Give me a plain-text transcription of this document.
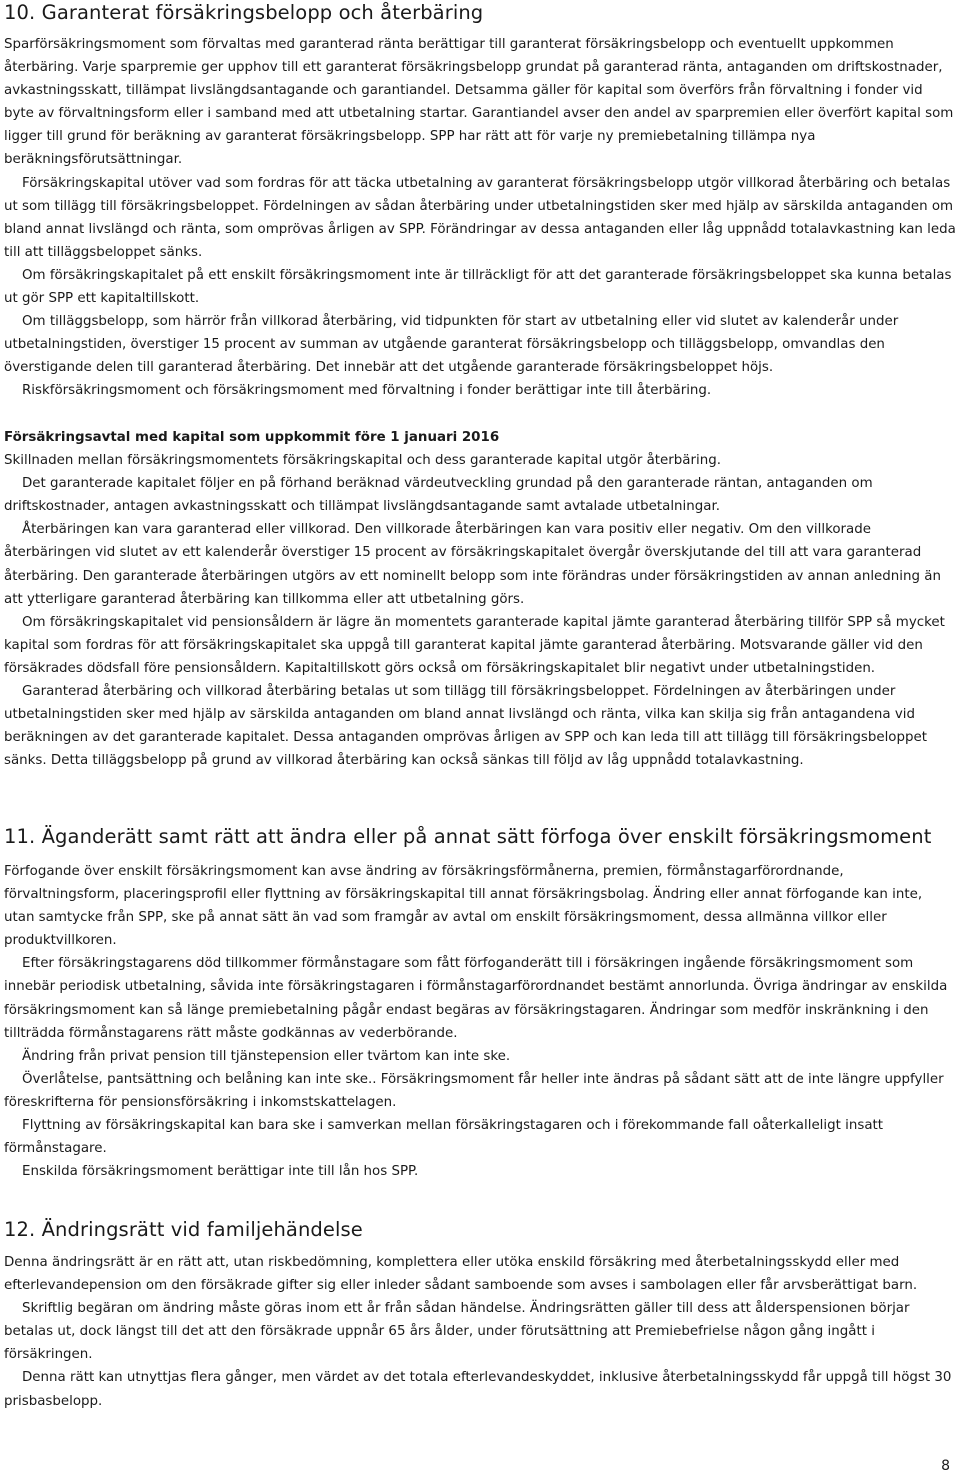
10. Garanterat försäkringsbelopp och återbäring

Sparförsäkringsmoment som förvaltas med garanterad ränta berättigar till garanterat försäkringsbelopp och eventuellt uppkommen återbäring. Varje sparpremie ger upphov till ett garanterat försäkringsbelopp grundat på garanterad ränta, antaganden om driftskostnader, avkastningsskatt, tillämpat livslängdsantagande och garantiandel. Detsamma gäller för kapital som överförs från förvaltning i fonder vid byte av förvaltningsform eller i samband med att utbetalning startar. Garantiandel avser den andel av sparpremien eller överfört kapital som ligger till grund för beräkning av garanterat försäkringsbelopp. SPP har rätt att för varje ny premiebetalning tillämpa nya beräkningsförutsättningar.

Försäkringskapital utöver vad som fordras för att täcka utbetalning av garanterat försäkringsbelopp utgör villkorad återbäring och betalas ut som tillägg till försäkringsbeloppet. Fördelningen av sådan återbäring under utbetalningstiden sker med hjälp av särskilda antaganden om bland annat livslängd och ränta, som omprövas årligen av SPP. Förändringar av dessa antaganden eller låg uppnådd totalavkastning kan leda till att tilläggsbeloppet sänks.

Om försäkringskapitalet på ett enskilt försäkringsmoment inte är tillräckligt för att det garanterade försäkringsbeloppet ska kunna betalas ut gör SPP ett kapitaltillskott.

Om tilläggsbelopp, som härrör från villkorad återbäring, vid tidpunkten för start av utbetalning eller vid slutet av kalenderår under utbetalningstiden, överstiger 15 procent av summan av utgående garanterat försäkringsbelopp och tilläggsbelopp, omvandlas den överstigande delen till garanterad återbäring. Det innebär att det utgående garanterade försäkringsbeloppet höjs.

Riskförsäkringsmoment och försäkringsmoment med förvaltning i fonder berättigar inte till återbäring.

Försäkringsavtal med kapital som uppkommit före 1 januari 2016

Skillnaden mellan försäkringsmomentets försäkringskapital och dess garanterade kapital utgör återbäring.

Det garanterade kapitalet följer en på förhand beräknad värdeutveckling grundad på den garanterade räntan, antaganden om driftskostnader, antagen avkastningsskatt och tillämpat livslängdsantagande samt avtalade utbetalningar.

Återbäringen kan vara garanterad eller villkorad. Den villkorade återbäringen kan vara positiv eller negativ. Om den villkorade återbäringen vid slutet av ett kalenderår överstiger 15 procent av försäkringskapitalet övergår överskjutande del till att vara garanterad återbäring. Den garanterade återbäringen utgörs av ett nominellt belopp som inte förändras under försäkringstiden av annan anledning än att ytterligare garanterad återbäring kan tillkomma eller att utbetalning görs.

Om försäkringskapitalet vid pensionsåldern är lägre än momentets garanterade kapital jämte garanterad återbäring tillför SPP så mycket kapital som fordras för att försäkringskapitalet ska uppgå till garanterat kapital jämte garanterad återbäring. Motsvarande gäller vid den försäkrades dödsfall före pensionsåldern. Kapitaltillskott görs också om försäkringskapitalet blir negativt under utbetalningstiden.

Garanterad återbäring och villkorad återbäring betalas ut som tillägg till försäkringsbeloppet. Fördelningen av återbäringen under utbetalningstiden sker med hjälp av särskilda antaganden om bland annat livslängd och ränta, vilka kan skilja sig från antagandena vid beräkningen av det garanterade kapitalet. Dessa antaganden omprövas årligen av SPP och kan leda till att tillägg till försäkringsbeloppet sänks. Detta tilläggsbelopp på grund av villkorad återbäring kan också sänkas till följd av låg uppnådd totalavkastning.

11. Äganderätt samt rätt att ändra eller på annat sätt förfoga över enskilt försäkringsmoment

Förfogande över enskilt försäkringsmoment kan avse ändring av försäkringsförmånerna, premien, förmånstagarförordnande, förvaltningsform, placeringsprofil eller flyttning av försäkringskapital till annat försäkringsbolag. Ändring eller annat förfogande kan inte, utan samtycke från SPP, ske på annat sätt än vad som framgår av avtal om enskilt försäkringsmoment, dessa allmänna villkor eller produktvillkoren.

Efter försäkringstagarens död tillkommer förmånstagare som fått förfoganderätt till i försäkringen ingående försäkringsmoment som innebär periodisk utbetalning, såvida inte försäkringstagaren i förmånstagarförordnandet bestämt annorlunda. Övriga ändringar av enskilda försäkringsmoment kan så länge premiebetalning pågår endast begäras av försäkringstagaren. Ändringar som medför inskränkning i den tillträdda förmånstagarens rätt måste godkännas av vederbörande.

Ändring från privat pension till tjänstepension eller tvärtom kan inte ske.

Överlåtelse, pantsättning och belåning kan inte ske.. Försäkringsmoment får heller inte ändras på sådant sätt att de inte längre uppfyller föreskrifterna för pensionsförsäkring i inkomstskattelagen.

Flyttning av försäkringskapital kan bara ske i samverkan mellan försäkringstagaren och i förekommande fall oåterkalleligt insatt förmånstagare.

Enskilda försäkringsmoment berättigar inte till lån hos SPP.

12. Ändringsrätt vid familjehändelse

Denna ändringsrätt är en rätt att, utan riskbedömning, komplettera eller utöka enskild försäkring med återbetalningsskydd eller med efterlevandepension om den försäkrade gifter sig eller inleder sådant samboende som avses i sambolagen eller får arvsberättigat barn.

Skriftlig begäran om ändring måste göras inom ett år från sådan händelse. Ändringsrätten gäller till dess att ålderspensionen börjar betalas ut, dock längst till det att den försäkrade uppnår 65 års ålder, under förutsättning att Premiebefrielse någon gång ingått i försäkringen.

Denna rätt kan utnyttjas flera gånger, men värdet av det totala efterlevandeskyddet, inklusive återbetalningsskydd får uppgå till högst 30 prisbasbelopp.

8
